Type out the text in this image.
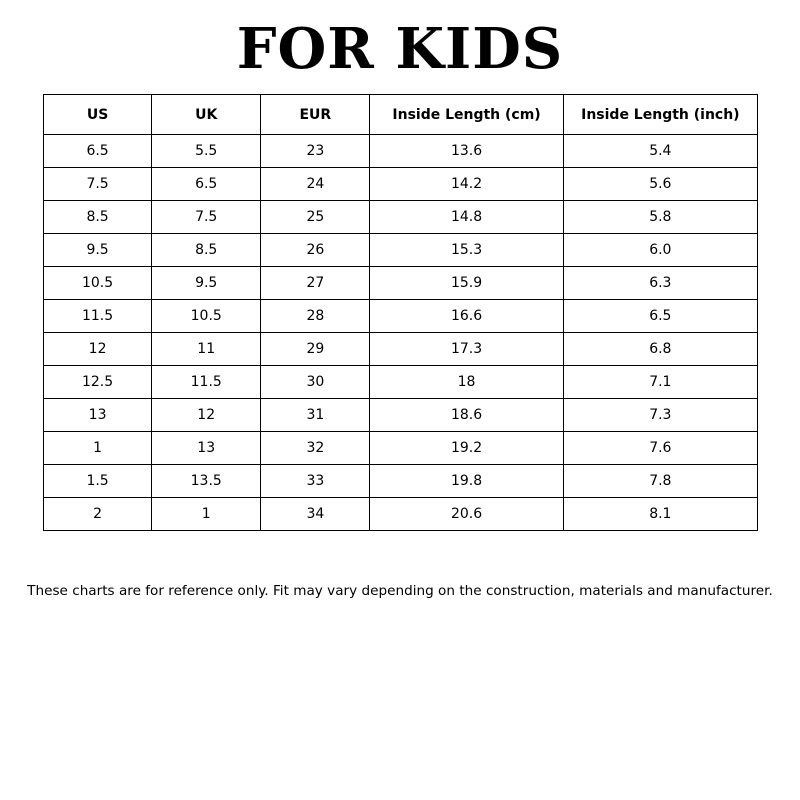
FOR KIDS
US	UK	EUR	Inside Length (cm)	Inside Length (inch)
6.5	5.5	23	13.6	5.4
7.5	6.5	24	14.2	5.6
8.5	7.5	25	14.8	5.8
9.5	8.5	26	15.3	6.0
10.5	9.5	27	15.9	6.3
11.5	10.5	28	16.6	6.5
12	11	29	17.3	6.8
12.5	11.5	30	18	7.1
13	12	31	18.6	7.3
1	13	32	19.2	7.6
1.5	13.5	33	19.8	7.8
2	1	34	20.6	8.1
These charts are for reference only. Fit may vary depending on the construction, materials and manufacturer.
